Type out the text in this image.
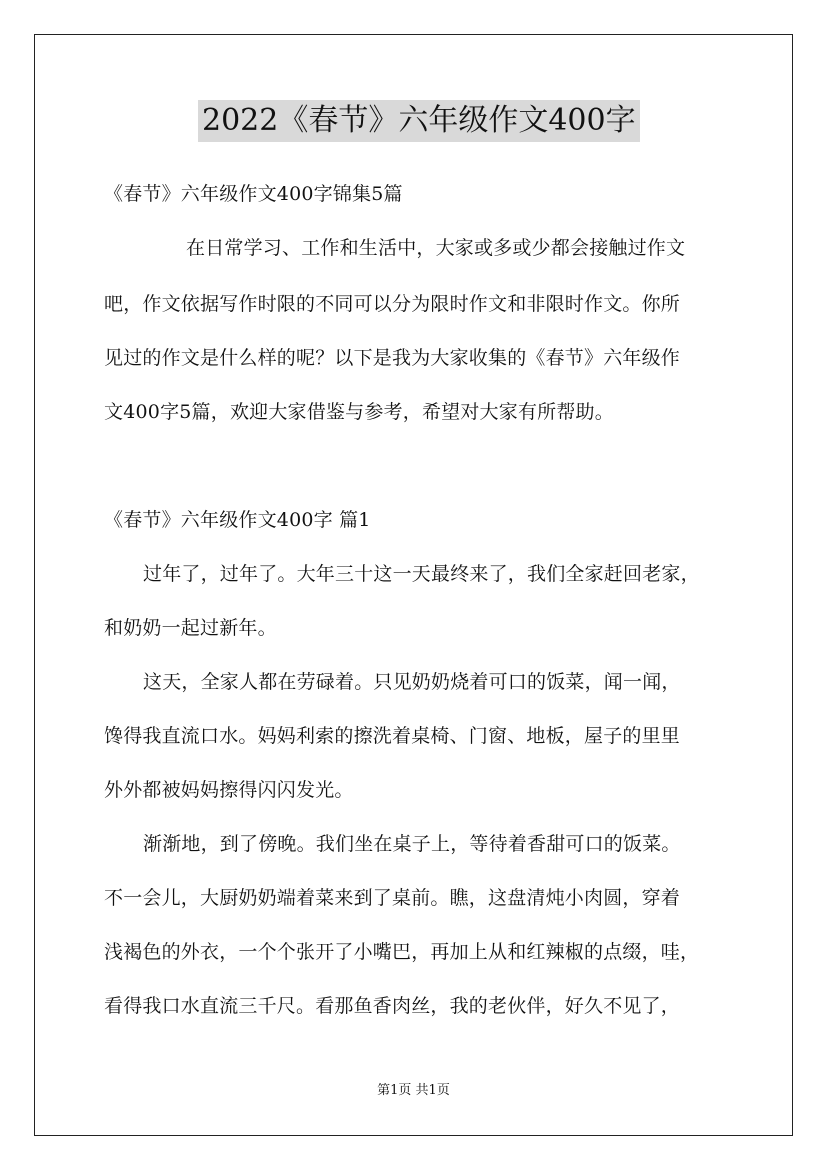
2022《春节》六年级作文400字
《春节》六年级作文400字锦集5篇
在日常学习、工作和生活中，大家或多或少都会接触过作文
吧，作文依据写作时限的不同可以分为限时作文和非限时作文。你所
见过的作文是什么样的呢？以下是我为大家收集的《春节》六年级作
文400字5篇，欢迎大家借鉴与参考，希望对大家有所帮助。
《春节》六年级作文400字 篇1
过年了，过年了。大年三十这一天最终来了，我们全家赶回老家，
和奶奶一起过新年。
这天，全家人都在劳碌着。只见奶奶烧着可口的饭菜，闻一闻，
馋得我直流口水。妈妈利索的擦洗着桌椅、门窗、地板，屋子的里里
外外都被妈妈擦得闪闪发光。
渐渐地，到了傍晚。我们坐在桌子上，等待着香甜可口的饭菜。
不一会儿，大厨奶奶端着菜来到了桌前。瞧，这盘清炖小肉圆，穿着
浅褐色的外衣，一个个张开了小嘴巴，再加上从和红辣椒的点缀，哇，
看得我口水直流三千尺。看那鱼香肉丝，我的老伙伴，好久不见了，
第1页 共1页
